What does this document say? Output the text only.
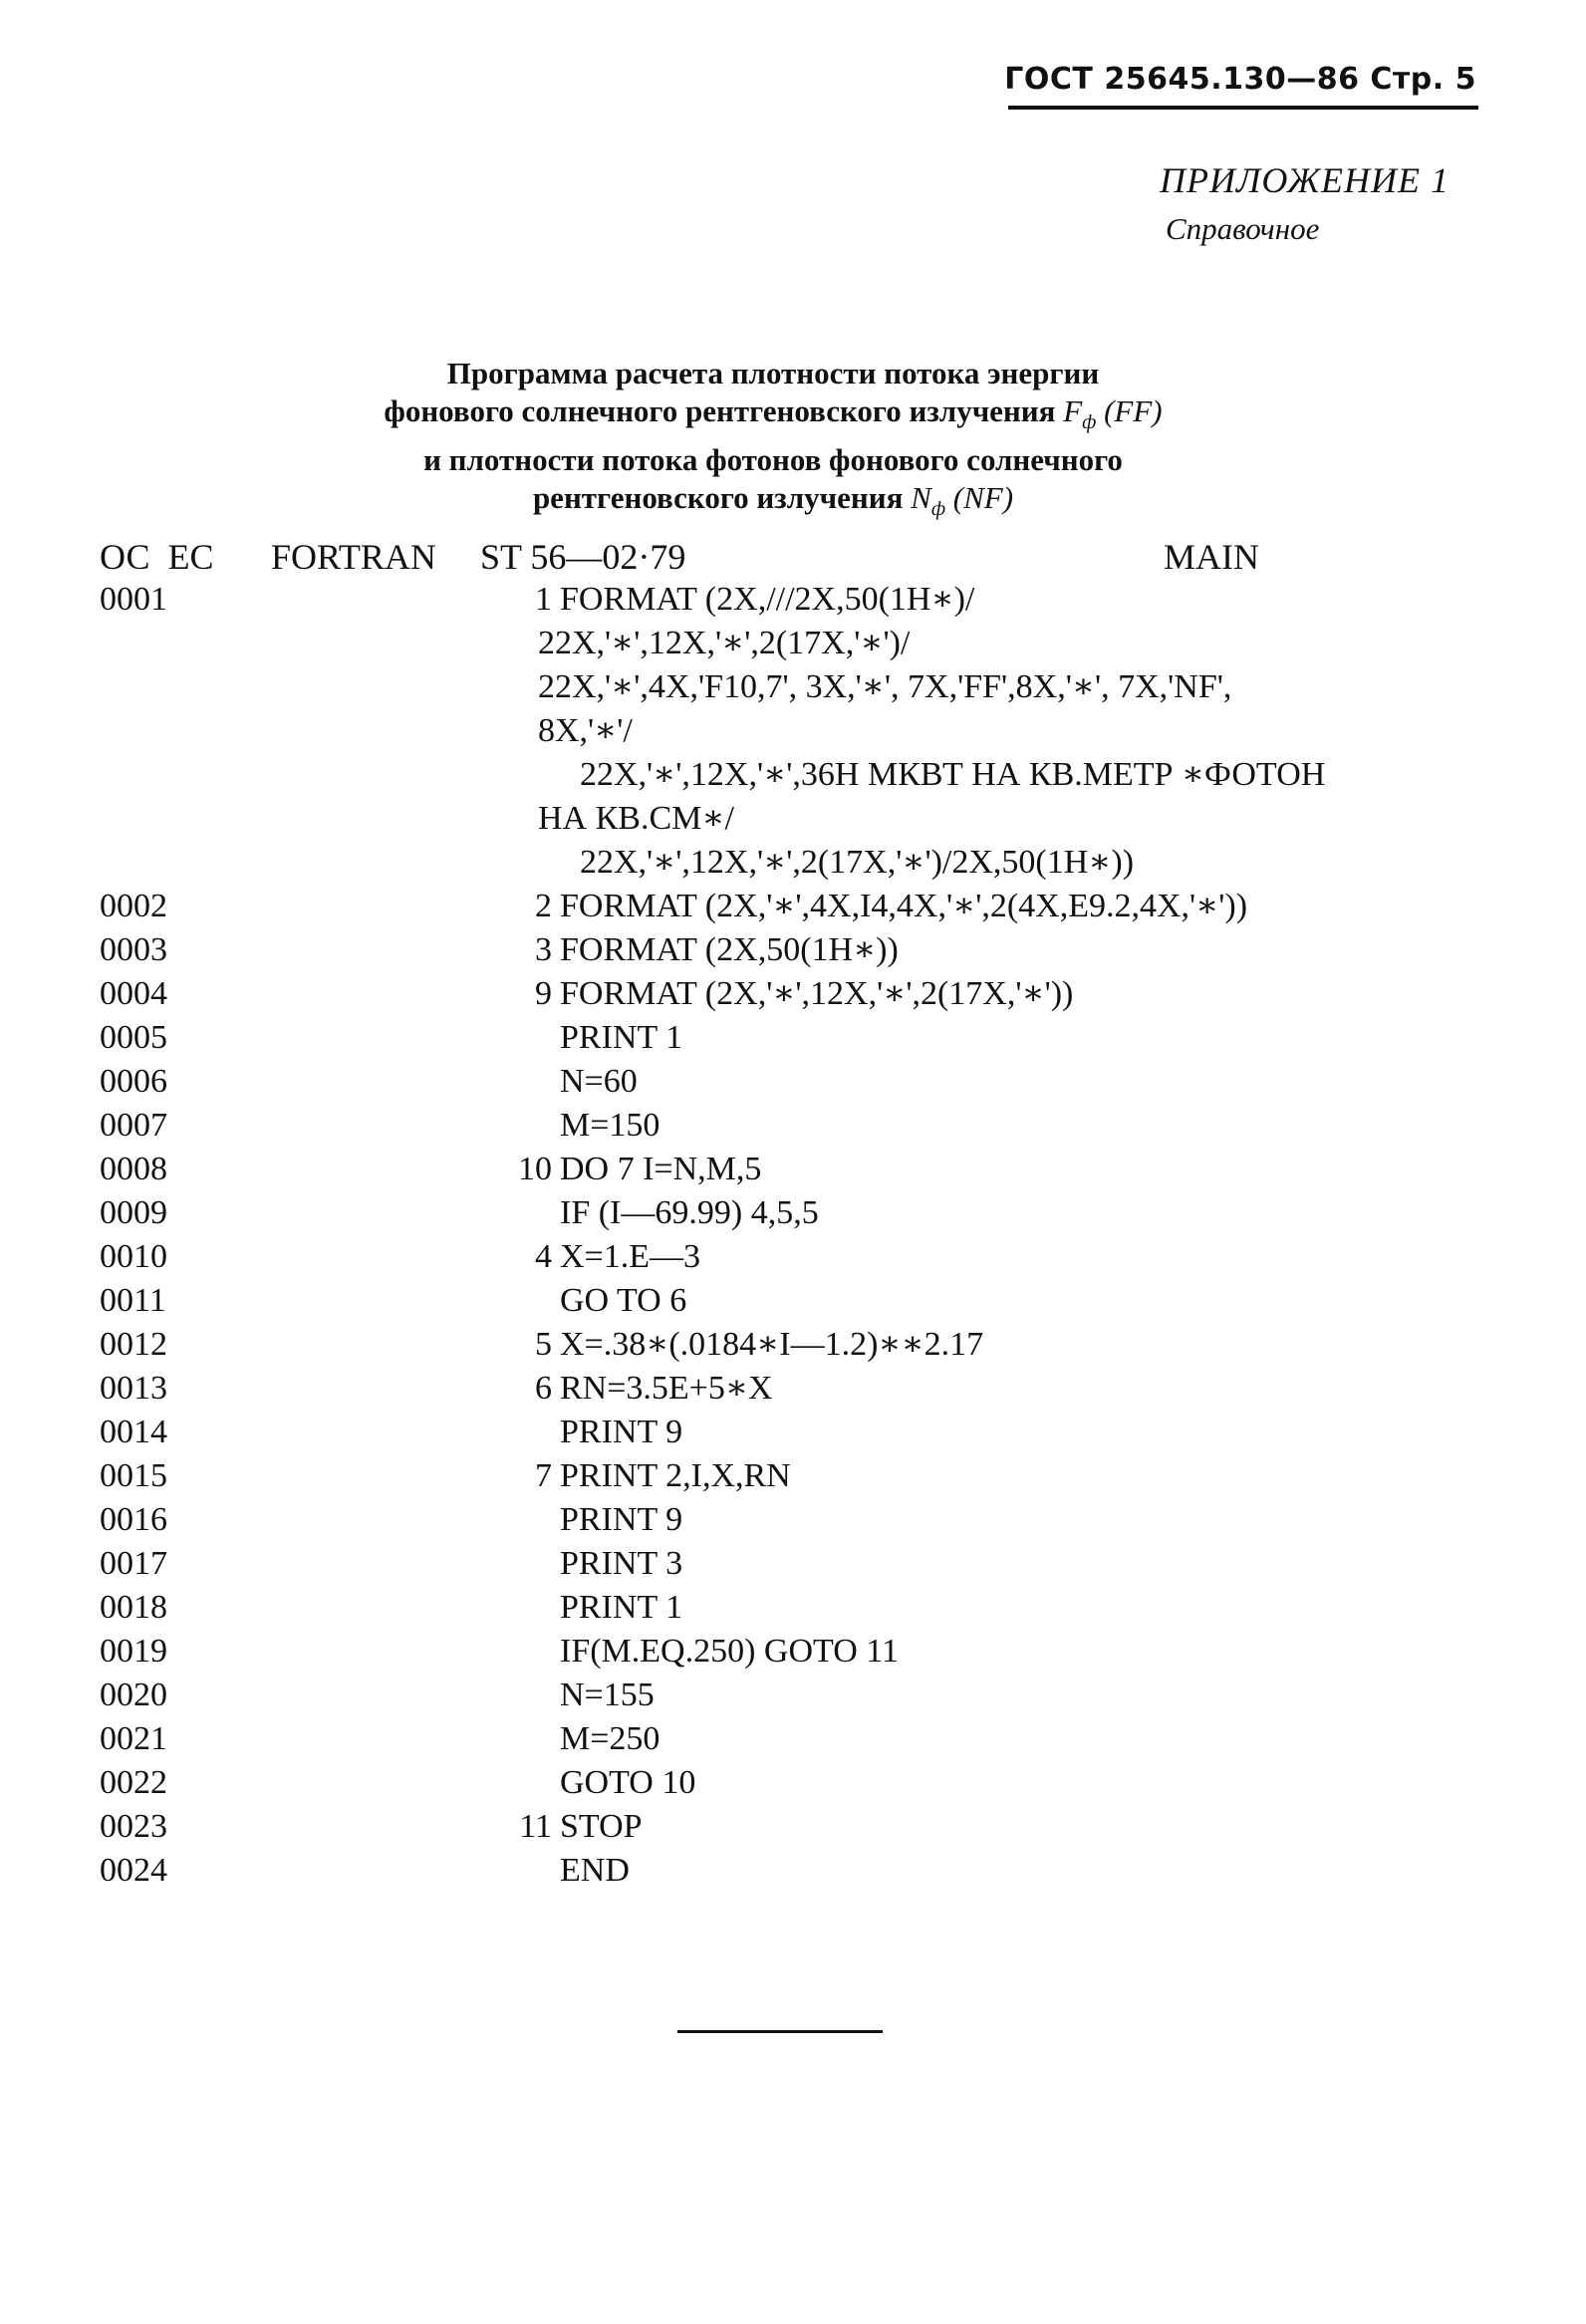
ГОСТ 25645.130—86 Стр. 5
ПРИЛОЖЕНИЕ 1
Справочное
Программа расчета плотности потока энергии
фонового солнечного рентгеновского излучения $F_ф$ (FF)
и плотности потока фотонов фонового солнечного
рентгеновского излучения $N_ф$ (NF)
ОС  ЕС FORTRAN ST 56—02·79	MAIN
0001	1 FORMAT (2X,///2X,50(1H∗)/
22X,'∗',12X,'∗',2(17X,'∗')/
22X,'∗',4X,'F10,7', 3X,'∗', 7X,'FF',8X,'∗', 7X,'NF',
8X,'∗'/
22X,'∗',12X,'∗',36H МКВТ НА КВ.МЕТР ∗ФОТОН
НА КВ.СМ∗/
22X,'∗',12X,'∗',2(17X,'∗')/2X,50(1H∗))
0002	2 FORMAT (2X,'∗',4X,I4,4X,'∗',2(4X,E9.2,4X,'∗'))
0003	3 FORMAT (2X,50(1H∗))
0004	9 FORMAT (2X,'∗',12X,'∗',2(17X,'∗'))
0005	PRINT 1
0006	N=60
0007	M=150
0008	10 DO 7 I=N,M,5
0009	IF (I—69.99) 4,5,5
0010	4 X=1.E—3
0011	GO TO 6
0012	5 X=.38∗(.0184∗I—1.2)∗∗2.17
0013	6 RN=3.5E+5∗X
0014	PRINT 9
0015	7 PRINT 2,I,X,RN
0016	PRINT 9
0017	PRINT 3
0018	PRINT 1
0019	IF(M.EQ.250) GOTO 11
0020	N=155
0021	M=250
0022	GOTO 10
0023	11 STOP
0024	END
